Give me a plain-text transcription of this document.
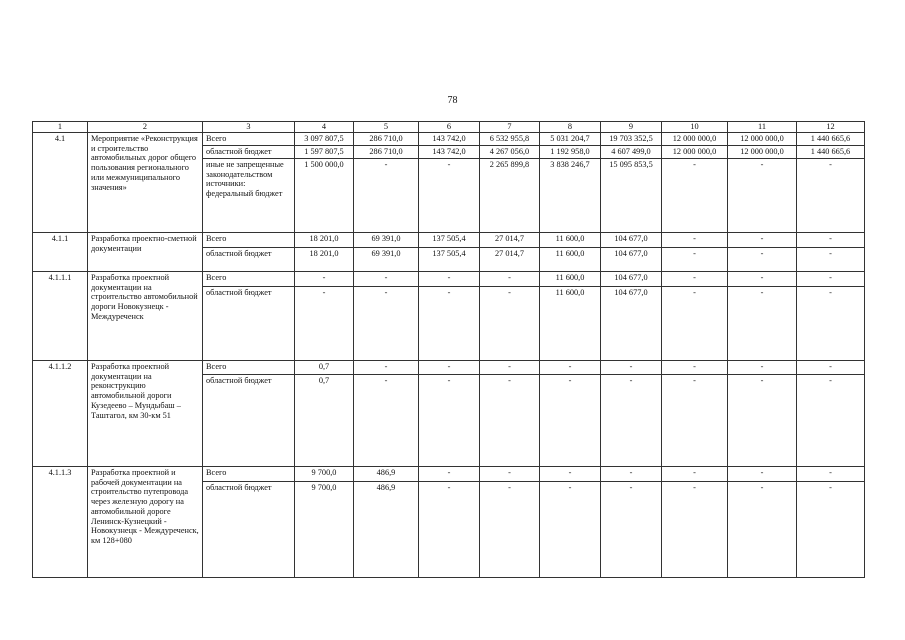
78
1	2	3	4	5	6	7	8	9	10	11	12
4.1	Мероприятие «Реконструкция и строительство автомобильных дорог общего пользования регионального или межмуниципального значения»	Всего	3 097 807,5	286 710,0	143 742,0	6 532 955,8	5 031 204,7	19 703 352,5	12 000 000,0	12 000 000,0	1 440 665,6
		областной бюджет	1 597 807,5	286 710,0	143 742,0	4 267 056,0	1 192 958,0	4 607 499,0	12 000 000,0	12 000 000,0	1 440 665,6
		иные не запрещенные законодательством источники: федеральный бюджет	1 500 000,0	-	-	2 265 899,8	3 838 246,7	15 095 853,5	-	-	-
4.1.1	Разработка проектно-сметной документации	Всего	18 201,0	69 391,0	137 505,4	27 014,7	11 600,0	104 677,0	-	-	-
		областной бюджет	18 201,0	69 391,0	137 505,4	27 014,7	11 600,0	104 677,0	-	-	-
4.1.1.1	Разработка проектной документации на строительство автомобильной дороги Новокузнецк - Междуреченск	Всего	-	-	-	-	11 600,0	104 677,0	-	-	-
		областной бюджет	-	-	-	-	11 600,0	104 677,0	-	-	-
4.1.1.2	Разработка проектной документации на реконструкцию автомобильной дороги Кузедеево – Мундыбаш – Таштагол, км 30-км 51	Всего	0,7	-	-	-	-	-	-	-	-
		областной бюджет	0,7	-	-	-	-	-	-	-	-
4.1.1.3	Разработка проектной и рабочей документации на строительство путепровода через железную дорогу на автомобильной дороге Ленинск-Кузнецкий - Новокузнецк - Междуреченск, км 128+080	Всего	9 700,0	486,9	-	-	-	-	-	-	-
		областной бюджет	9 700,0	486,9	-	-	-	-	-	-	-
